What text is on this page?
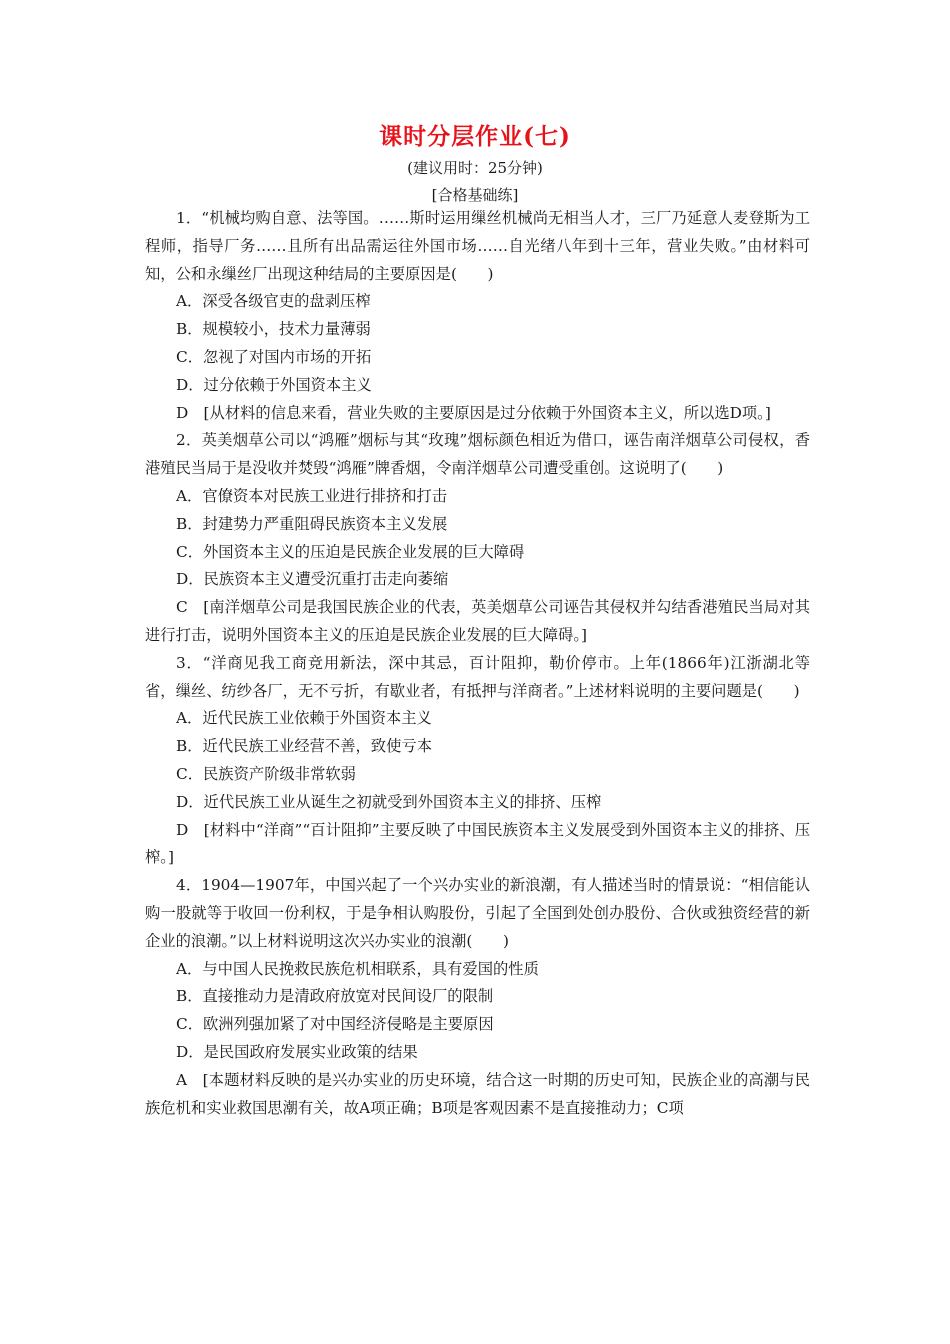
课时分层作业(七)
(建议用时：25分钟)
[合格基础练]

1．“机械均购自意、法等国。……斯时运用缫丝机械尚无相当人才，三厂乃延意人麦登斯为工程师，指导厂务……且所有出品需运往外国市场……自光绪八年到十三年，营业失败。”由材料可知，公和永缫丝厂出现这种结局的主要原因是(　　)

A．深受各级官吏的盘剥压榨

B．规模较小，技术力量薄弱

C．忽视了对国内市场的开拓

D．过分依赖于外国资本主义

D　[从材料的信息来看，营业失败的主要原因是过分依赖于外国资本主义，所以选D项。]

2．英美烟草公司以“鸿雁”烟标与其“玫瑰”烟标颜色相近为借口，诬告南洋烟草公司侵权，香港殖民当局于是没收并焚毁“鸿雁”牌香烟，令南洋烟草公司遭受重创。这说明了(　　)

A．官僚资本对民族工业进行排挤和打击

B．封建势力严重阻碍民族资本主义发展

C．外国资本主义的压迫是民族企业发展的巨大障碍

D．民族资本主义遭受沉重打击走向萎缩

C　[南洋烟草公司是我国民族企业的代表，英美烟草公司诬告其侵权并勾结香港殖民当局对其进行打击，说明外国资本主义的压迫是民族企业发展的巨大障碍。]

3．“洋商见我工商竞用新法，深中其忌，百计阻抑，勒价停市。上年(1866年)江浙湖北等省，缫丝、纺纱各厂，无不亏折，有歇业者，有抵押与洋商者。”上述材料说明的主要问题是(　　)

A．近代民族工业依赖于外国资本主义

B．近代民族工业经营不善，致使亏本

C．民族资产阶级非常软弱

D．近代民族工业从诞生之初就受到外国资本主义的排挤、压榨

D　[材料中“洋商”“百计阻抑”主要反映了中国民族资本主义发展受到外国资本主义的排挤、压榨。]

4．1904—1907年，中国兴起了一个兴办实业的新浪潮，有人描述当时的情景说：“相信能认购一股就等于收回一份利权，于是争相认购股份，引起了全国到处创办股份、合伙或独资经营的新企业的浪潮。”以上材料说明这次兴办实业的浪潮(　　)

A．与中国人民挽救民族危机相联系，具有爱国的性质

B．直接推动力是清政府放宽对民间设厂的限制

C．欧洲列强加紧了对中国经济侵略是主要原因

D．是民国政府发展实业政策的结果

A　[本题材料反映的是兴办实业的历史环境，结合这一时期的历史可知，民族企业的高潮与民族危机和实业救国思潮有关，故A项正确；B项是客观因素不是直接推动力；C项
